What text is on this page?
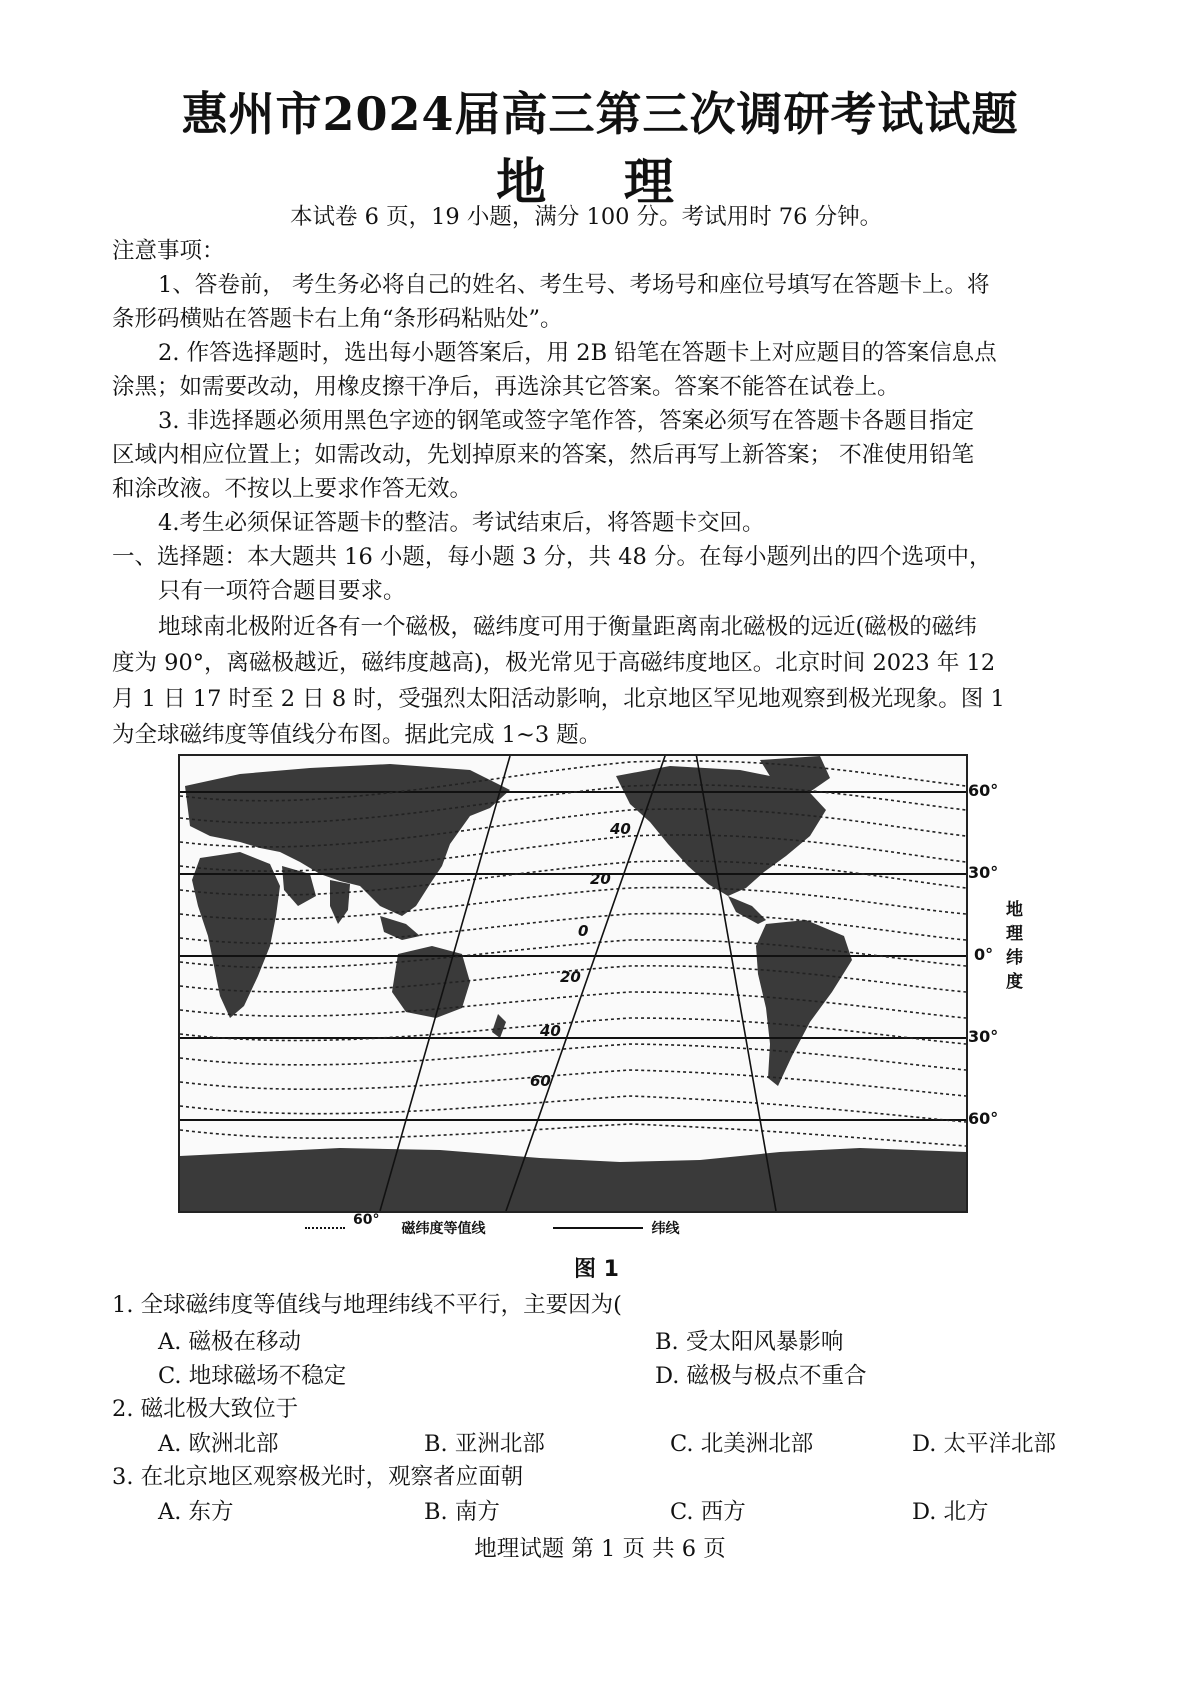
惠州市2024届高三第三次调研考试试题
地 理
本试卷 6 页，19 小题，满分 100 分。考试用时 76 分钟。
注意事项：
1、答卷前， 考生务必将自己的姓名、考生号、考场号和座位号填写在答题卡上。将
条形码横贴在答题卡右上角“条形码粘贴处”。
2. 作答选择题时，选出每小题答案后，用 2B 铅笔在答题卡上对应题目的答案信息点
涂黑；如需要改动，用橡皮擦干净后，再选涂其它答案。答案不能答在试卷上。
3. 非选择题必须用黑色字迹的钢笔或签字笔作答，答案必须写在答题卡各题目指定
区域内相应位置上；如需改动，先划掉原来的答案，然后再写上新答案； 不准使用铅笔
和涂改液。不按以上要求作答无效。
4.考生必须保证答题卡的整洁。考试结束后，将答题卡交回。
一、选择题：本大题共 16 小题，每小题 3 分，共 48 分。在每小题列出的四个选项中，
只有一项符合题目要求。
地球南北极附近各有一个磁极，磁纬度可用于衡量距离南北磁极的远近(磁极的磁纬
度为 90°，离磁极越近，磁纬度越高)，极光常见于高磁纬度地区。北京时间 2023 年 12
月 1 日 17 时至 2 日 8 时，受强烈太阳活动影响，北京地区罕见地观察到极光现象。图 1
为全球磁纬度等值线分布图。据此完成 1~3 题。
40
20
0
20
40
60
60°
30°
0°
30°
60°
地
理
纬
度
60°
磁纬度等值线	纬线
图 1
1. 全球磁纬度等值线与地理纬线不平行，主要因为(
A. 磁极在移动	B. 受太阳风暴影响
C. 地球磁场不稳定	D. 磁极与极点不重合
2. 磁北极大致位于
A. 欧洲北部	B. 亚洲北部	C. 北美洲北部	D. 太平洋北部
3. 在北京地区观察极光时，观察者应面朝
A. 东方	B. 南方	C. 西方	D. 北方
地理试题 第 1 页 共 6 页
